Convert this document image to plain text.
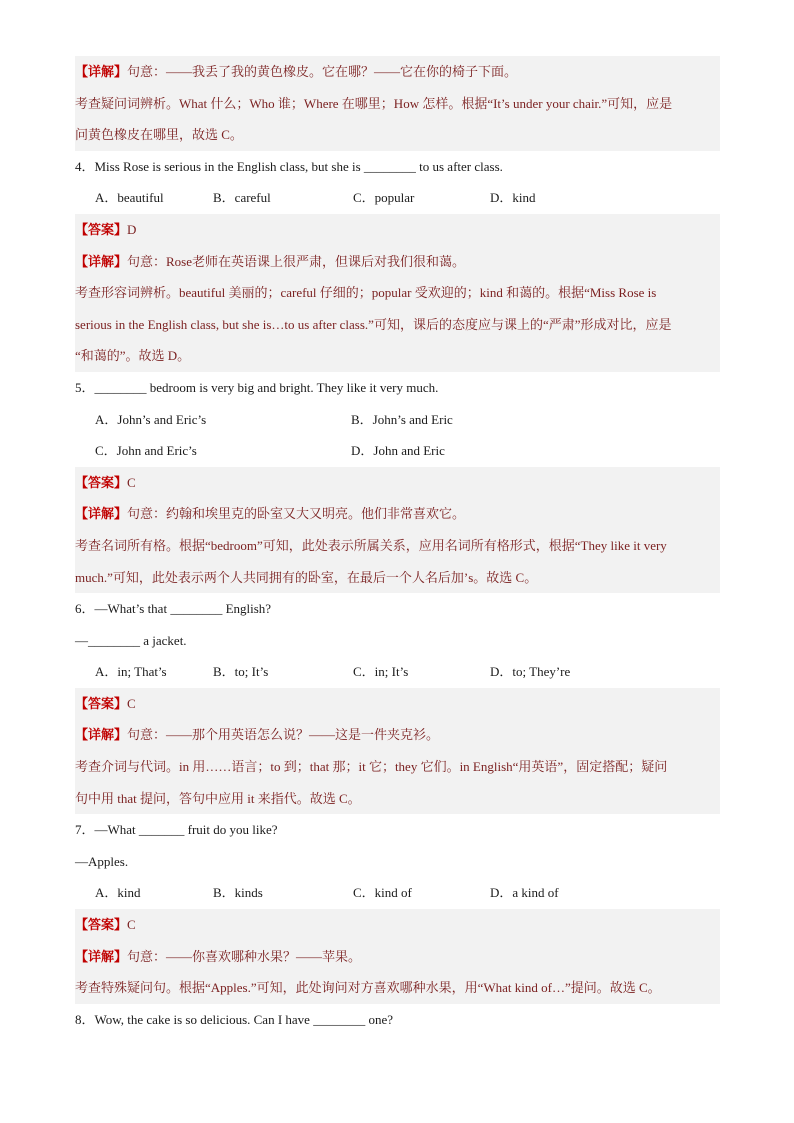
【详解】句意：——我丢了我的黄色橡皮。它在哪？——它在你的椅子下面。
考查疑问词辨析。What 什么；Who 谁；Where 在哪里；How 怎样。根据“It’s under your chair.”可知，应是
问黄色橡皮在哪里，故选 C。
4．Miss Rose is serious in the English class, but she is ________ to us after class.
A．beautiful	B．careful	C．popular	D．kind
【答案】D
【详解】句意：Rose老师在英语课上很严肃，但课后对我们很和蔼。
考查形容词辨析。beautiful 美丽的；careful 仔细的；popular 受欢迎的；kind 和蔼的。根据“Miss Rose is
serious in the English class, but she is…to us after class.”可知，课后的态度应与课上的“严肃”形成对比，应是
“和蔼的”。故选 D。
5．________ bedroom is very big and bright. They like it very much.
A．John’s and Eric’s	B．John’s and Eric
C．John and Eric’s	D．John and Eric
【答案】C
【详解】句意：约翰和埃里克的卧室又大又明亮。他们非常喜欢它。
考查名词所有格。根据“bedroom”可知，此处表示所属关系，应用名词所有格形式，根据“They like it very
much.”可知，此处表示两个人共同拥有的卧室，在最后一个人名后加’s。故选 C。
6．—What’s that ________ English?
—________ a jacket.
A．in; That’s	B．to; It’s	C．in; It’s	D．to; They’re
【答案】C
【详解】句意：——那个用英语怎么说？——这是一件夹克衫。
考查介词与代词。in 用……语言；to 到；that 那；it 它；they 它们。in English“用英语”，固定搭配；疑问
句中用 that 提问，答句中应用 it 来指代。故选 C。
7．—What _______ fruit do you like?
—Apples.
A．kind	B．kinds	C．kind of	D．a kind of
【答案】C
【详解】句意：——你喜欢哪种水果？——苹果。
考查特殊疑问句。根据“Apples.”可知，此处询问对方喜欢哪种水果，用“What kind of…”提问。故选 C。
8．Wow, the cake is so delicious. Can I have ________ one?
